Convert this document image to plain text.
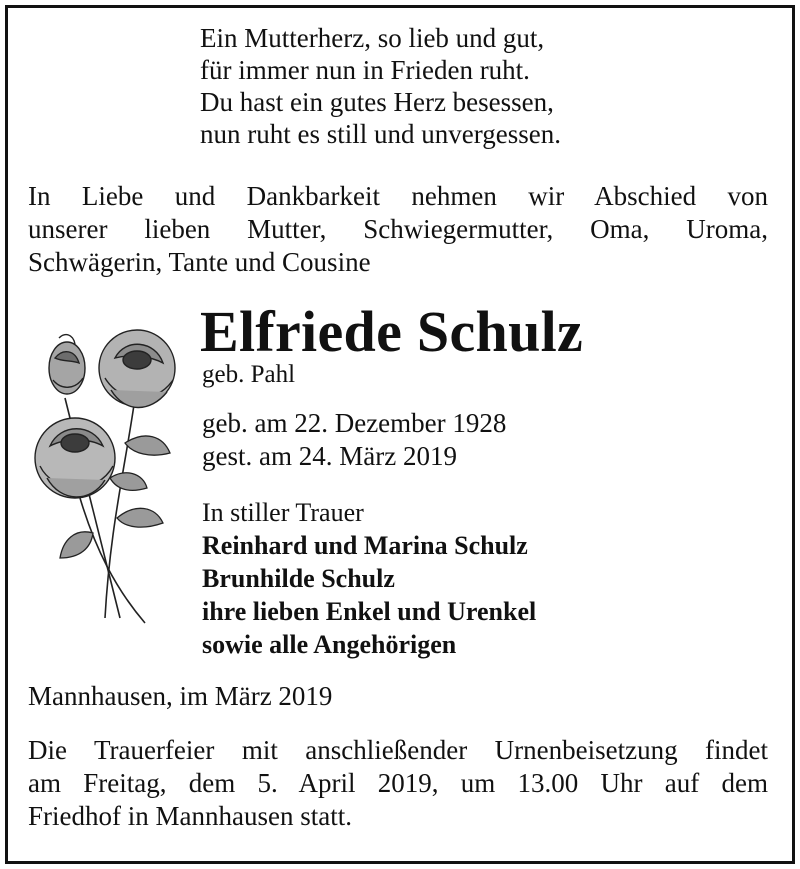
Ein Mutterherz, so lieb und gut,
für immer nun in Frieden ruht.
Du hast ein gutes Herz besessen,
nun ruht es still und unvergessen.
In Liebe und Dankbarkeit nehmen wir Abschied von
unserer lieben Mutter, Schwiegermutter, Oma, Uroma,
Schwägerin, Tante und Cousine
Elfriede Schulz
geb. Pahl
geb. am 22. Dezember 1928
gest. am 24. März 2019
In stiller Trauer
Reinhard und Marina Schulz
Brunhilde Schulz
ihre lieben Enkel und Urenkel
sowie alle Angehörigen
Mannhausen, im März 2019
Die Trauerfeier mit anschließender Urnenbeisetzung findet
am Freitag, dem 5. April 2019, um 13.00 Uhr auf dem
Friedhof in Mannhausen statt.
